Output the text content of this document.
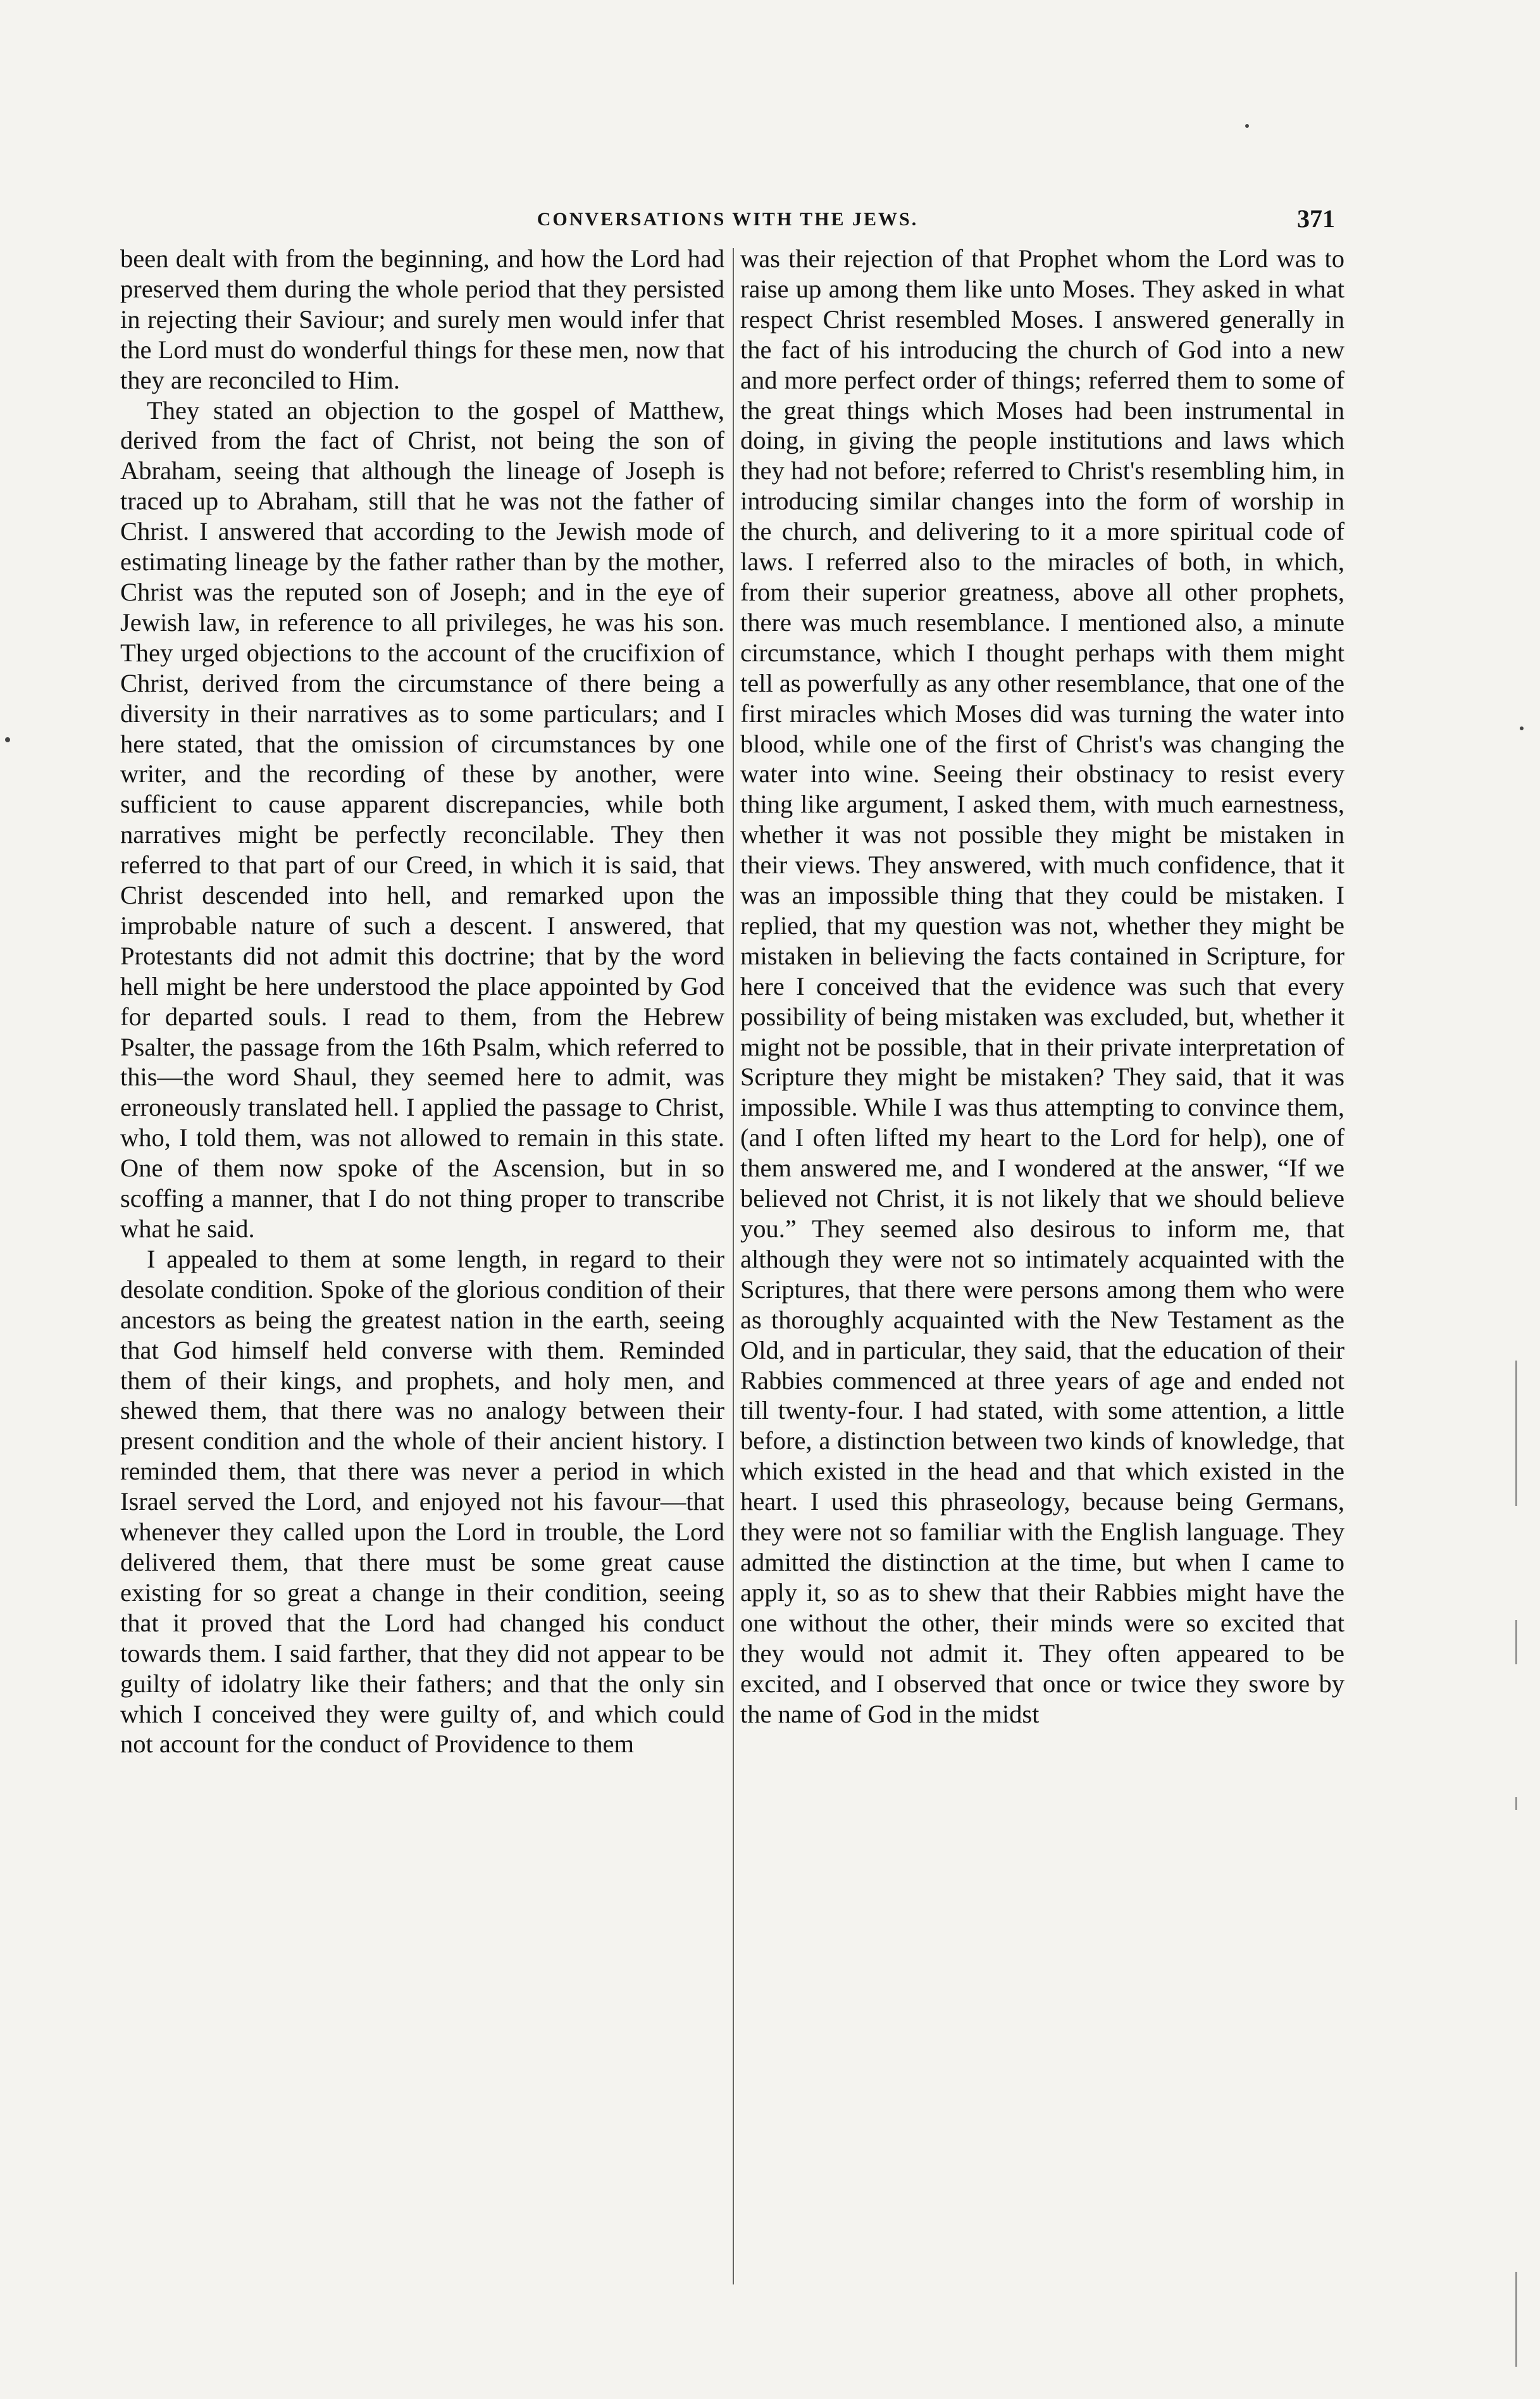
CONVERSATIONS WITH THE JEWS.	371

been dealt with from the beginning, and how the Lord had preserved them during the whole period that they persisted in rejecting their Saviour; and surely men would infer that the Lord must do wonderful things for these men, now that they are reconciled to Him.

They stated an objection to the gospel of Matthew, derived from the fact of Christ, not being the son of Abraham, seeing that although the lineage of Joseph is traced up to Abraham, still that he was not the father of Christ. I answered that according to the Jewish mode of estimating lineage by the father rather than by the mother, Christ was the reputed son of Joseph; and in the eye of Jewish law, in reference to all privileges, he was his son. They urged objections to the account of the crucifixion of Christ, derived from the circumstance of there being a diversity in their narratives as to some particulars; and I here stated, that the omission of circumstances by one writer, and the recording of these by another, were sufficient to cause apparent discrepancies, while both narratives might be perfectly reconcilable. They then referred to that part of our Creed, in which it is said, that Christ descended into hell, and remarked upon the improbable nature of such a descent. I answered, that Protestants did not admit this doctrine; that by the word hell might be here understood the place appointed by God for departed souls. I read to them, from the Hebrew Psalter, the passage from the 16th Psalm, which referred to this—the word Shaul, they seemed here to admit, was erroneously translated hell. I applied the passage to Christ, who, I told them, was not allowed to remain in this state. One of them now spoke of the Ascension, but in so scoffing a manner, that I do not thing proper to transcribe what he said.

I appealed to them at some length, in regard to their desolate condition. Spoke of the glorious condition of their ancestors as being the greatest nation in the earth, seeing that God himself held converse with them. Reminded them of their kings, and prophets, and holy men, and shewed them, that there was no analogy between their present condition and the whole of their ancient history. I reminded them, that there was never a period in which Israel served the Lord, and enjoyed not his favour—that whenever they called upon the Lord in trouble, the Lord delivered them, that there must be some great cause existing for so great a change in their condition, seeing that it proved that the Lord had changed his conduct towards them. I said farther, that they did not appear to be guilty of idolatry like their fathers; and that the only sin which I conceived they were guilty of, and which could not account for the conduct of Providence to them

was their rejection of that Prophet whom the Lord was to raise up among them like unto Moses. They asked in what respect Christ resembled Moses. I answered generally in the fact of his introducing the church of God into a new and more perfect order of things; referred them to some of the great things which Moses had been instrumental in doing, in giving the people institutions and laws which they had not before; referred to Christ's resembling him, in introducing similar changes into the form of worship in the church, and delivering to it a more spiritual code of laws. I referred also to the miracles of both, in which, from their superior greatness, above all other prophets, there was much resemblance. I mentioned also, a minute circumstance, which I thought perhaps with them might tell as powerfully as any other resemblance, that one of the first miracles which Moses did was turning the water into blood, while one of the first of Christ's was changing the water into wine. Seeing their obstinacy to resist every thing like argument, I asked them, with much earnestness, whether it was not possible they might be mistaken in their views. They answered, with much confidence, that it was an impossible thing that they could be mistaken. I replied, that my question was not, whether they might be mistaken in believing the facts contained in Scripture, for here I conceived that the evidence was such that every possibility of being mistaken was excluded, but, whether it might not be possible, that in their private interpretation of Scripture they might be mistaken? They said, that it was impossible. While I was thus attempting to convince them, (and I often lifted my heart to the Lord for help), one of them answered me, and I wondered at the answer, “If we believed not Christ, it is not likely that we should believe you.” They seemed also desirous to inform me, that although they were not so intimately acquainted with the Scriptures, that there were persons among them who were as thoroughly acquainted with the New Testament as the Old, and in particular, they said, that the education of their Rabbies commenced at three years of age and ended not till twenty-four. I had stated, with some attention, a little before, a distinction between two kinds of knowledge, that which existed in the head and that which existed in the heart. I used this phraseology, because being Germans, they were not so familiar with the English language. They admitted the distinction at the time, but when I came to apply it, so as to shew that their Rabbies might have the one without the other, their minds were so excited that they would not admit it. They often appeared to be excited, and I observed that once or twice they swore by the name of God in the midst
